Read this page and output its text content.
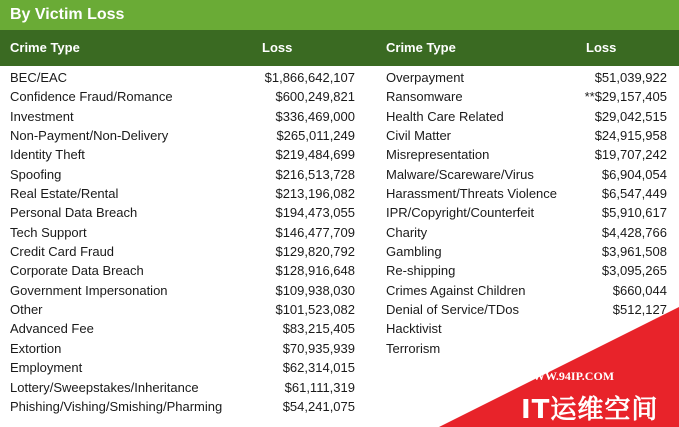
By Victim Loss
Crime Type	Loss	Crime Type	Loss
BEC/EAC	$1,866,642,107
Confidence Fraud/Romance	$600,249,821
Investment	$336,469,000
Non-Payment/Non-Delivery	$265,011,249
Identity Theft	$219,484,699
Spoofing	$216,513,728
Real Estate/Rental	$213,196,082
Personal Data Breach	$194,473,055
Tech Support	$146,477,709
Credit Card Fraud	$129,820,792
Corporate Data Breach	$128,916,648
Government Impersonation	$109,938,030
Other	$101,523,082
Advanced Fee	$83,215,405
Extortion	$70,935,939
Employment	$62,314,015
Lottery/Sweepstakes/Inheritance	$61,111,319
Phishing/Vishing/Smishing/Pharming	$54,241,075
Overpayment	$51,039,922
Ransomware	**$29,157,405
Health Care Related	$29,042,515
Civil Matter	$24,915,958
Misrepresentation	$19,707,242
Malware/Scareware/Virus	$6,904,054
Harassment/Threats Violence	$6,547,449
IPR/Copyright/Counterfeit	$5,910,617
Charity	$4,428,766
Gambling	$3,961,508
Re-shipping	$3,095,265
Crimes Against Children	$660,044
Denial of Service/TDos	$512,127
Hacktivist
Terrorism
WWW.94IP.COM
IT运维空间
